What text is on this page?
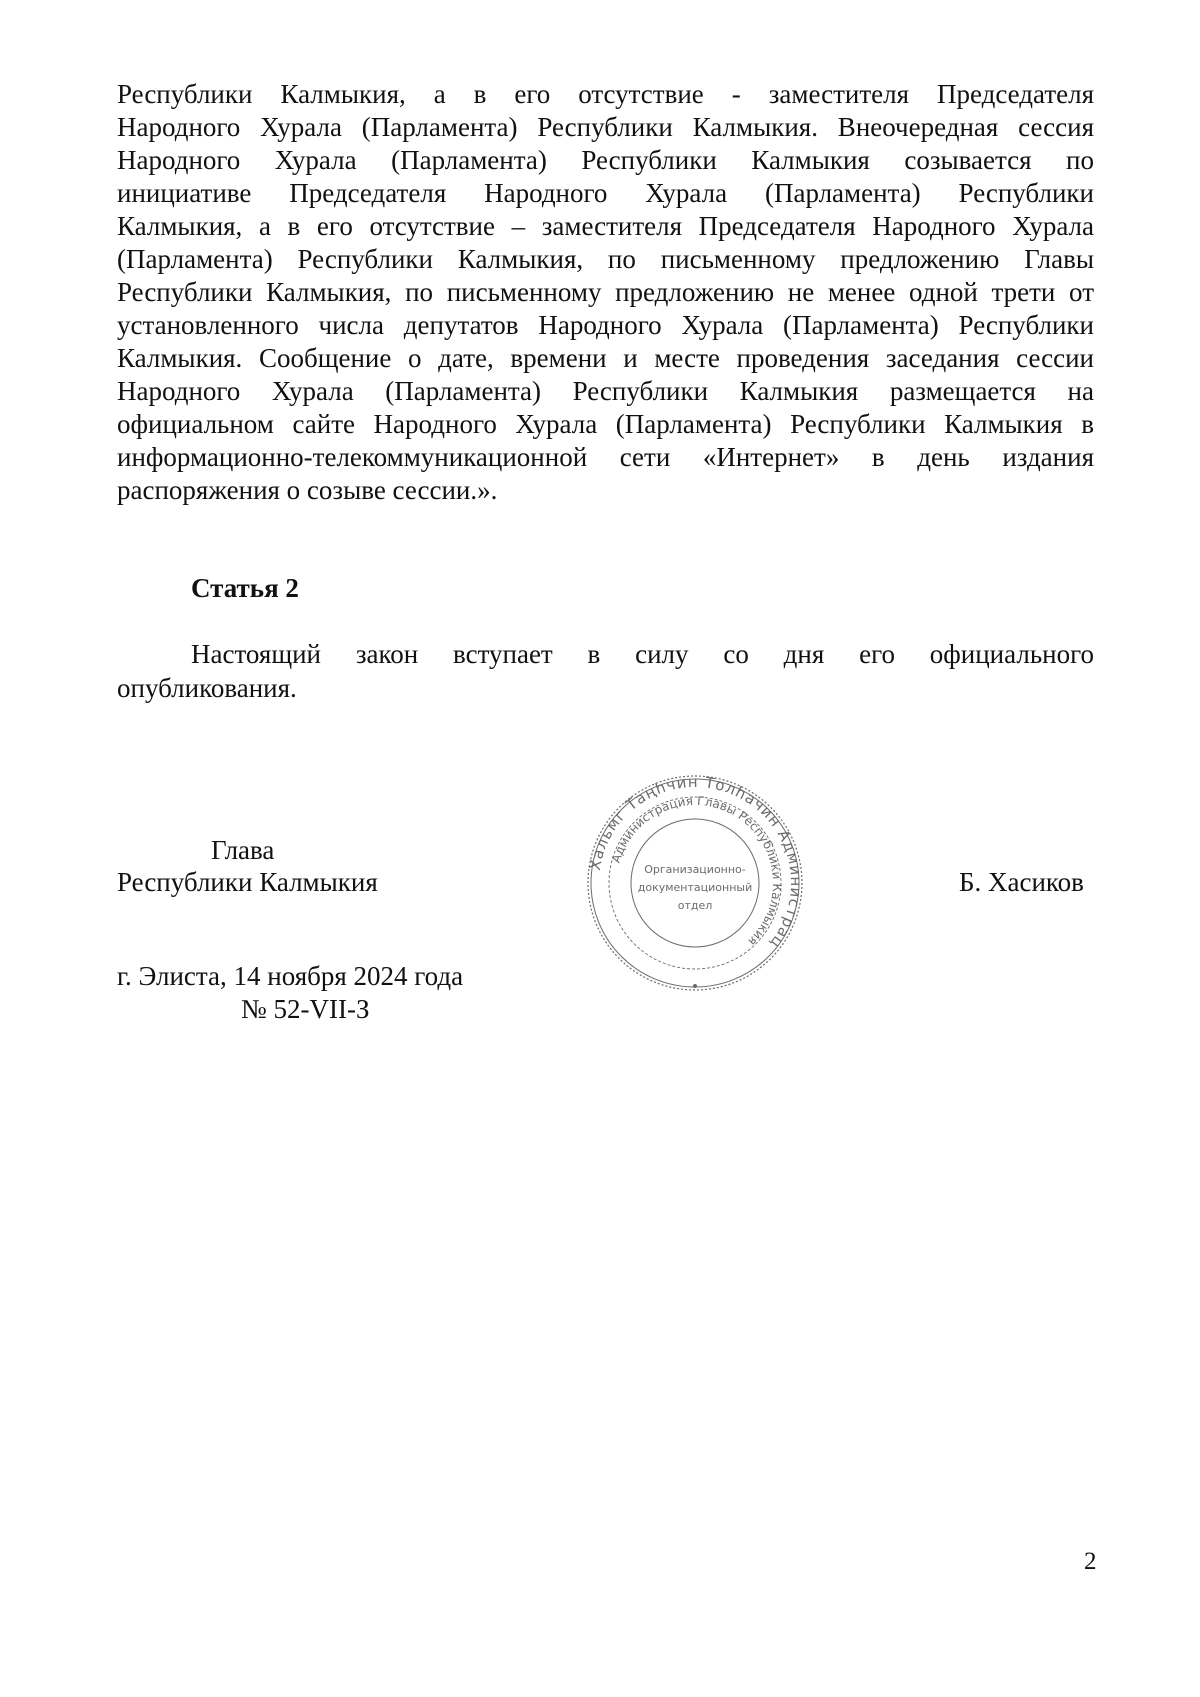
Республики Калмыкия, а в его отсутствие - заместителя Председателя
Народного Хурала (Парламента) Республики Калмыкия. Внеочередная сессия
Народного Хурала (Парламента) Республики Калмыкия созывается по
инициативе Председателя Народного Хурала (Парламента) Республики
Калмыкия, а в его отсутствие – заместителя Председателя Народного Хурала
(Парламента) Республики Калмыкия, по письменному предложению Главы
Республики Калмыкия, по письменному предложению не менее одной трети от
установленного числа депутатов Народного Хурала (Парламента) Республики
Калмыкия. Сообщение о дате, времени и месте проведения заседания сессии
Народного Хурала (Парламента) Республики Калмыкия размещается на
официальном сайте Народного Хурала (Парламента) Республики Калмыкия в
информационно-телекоммуникационной сети «Интернет» в день издания
распоряжения о созыве сессии.».
Статья 2
Настоящий закон вступает в силу со дня его официального
опубликования.
Глава
Республики Калмыкия	Б. Хасиков
Хальмг Таңһчин Толһачин Администрац
Администрация Главы Республики Калмыкия
Организационно-
документационный
отдел
г. Элиста, 14 ноября 2024 года
№ 52-VII-З
2
